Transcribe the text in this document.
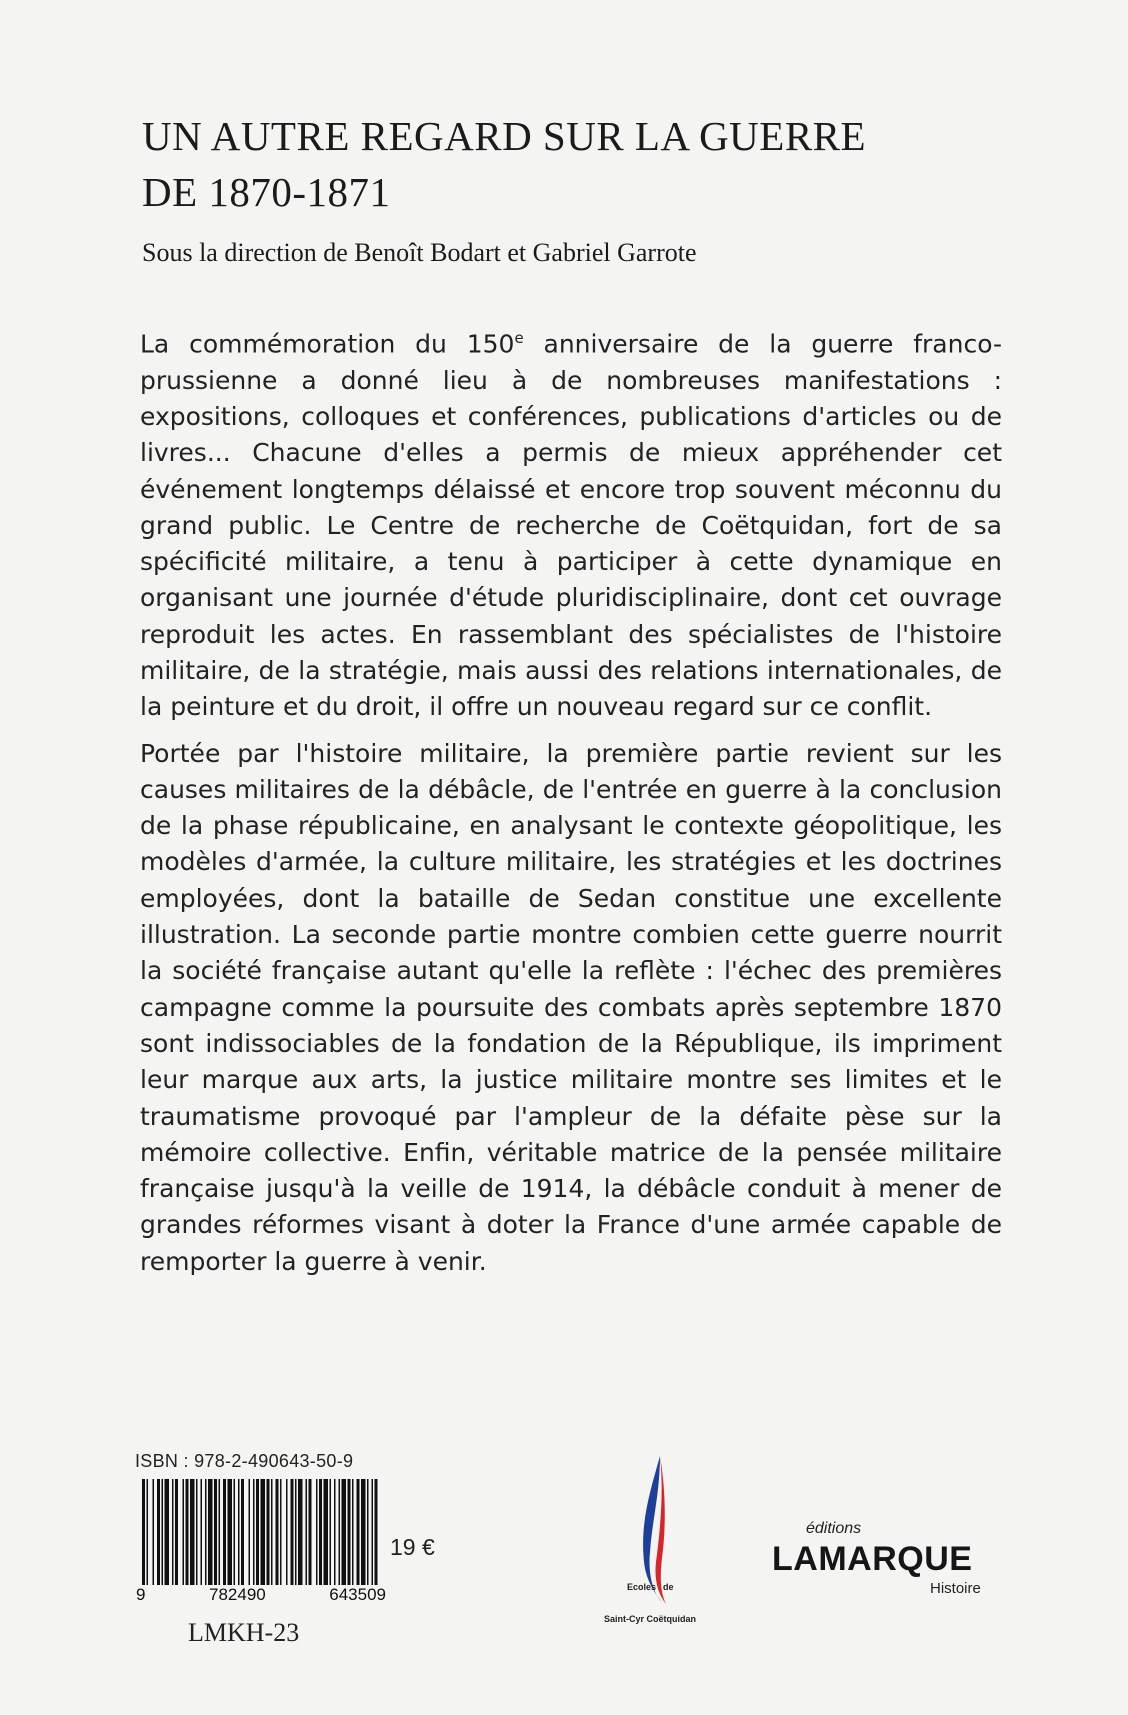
UN AUTRE REGARD SUR LA GUERRE
DE 1870-1871
Sous la direction de Benoît Bodart et Gabriel Garrote

La commémoration du 150e anniversaire de la guerre franco-prussienne a donné lieu à de nombreuses manifestations : expositions, colloques et conférences, publications d'articles ou de livres... Chacune d'elles a permis de mieux appréhender cet événement longtemps délaissé et encore trop souvent méconnu du grand public. Le Centre de recherche de Coëtquidan, fort de sa spécificité militaire, a tenu à participer à cette dynamique en organisant une journée d'étude pluridisciplinaire, dont cet ouvrage reproduit les actes. En rassemblant des spécialistes de l'histoire militaire, de la stratégie, mais aussi des relations internationales, de la peinture et du droit, il offre un nouveau regard sur ce conflit.

Portée par l'histoire militaire, la première partie revient sur les causes militaires de la débâcle, de l'entrée en guerre à la conclusion de la phase républicaine, en analysant le contexte géopolitique, les modèles d'armée, la culture militaire, les stratégies et les doctrines employées, dont la bataille de Sedan constitue une excellente illustration. La seconde partie montre combien cette guerre nourrit la société française autant qu'elle la reflète : l'échec des premières campagne comme la poursuite des combats après septembre 1870 sont indissociables de la fondation de la République, ils impriment leur marque aux arts, la justice militaire montre ses limites et le traumatisme provoqué par l'ampleur de la défaite pèse sur la mémoire collective. Enfin, véritable matrice de la pensée militaire française jusqu'à la veille de 1914, la débâcle conduit à mener de grandes réformes visant à doter la France d'une armée capable de remporter la guerre à venir.

ISBN : 978-2-490643-50-9
9	782490	643509
LMKH-23
19 €
Ecoles de
Saint-Cyr Coëtquidan
éditions
LAMARQUE
Histoire
